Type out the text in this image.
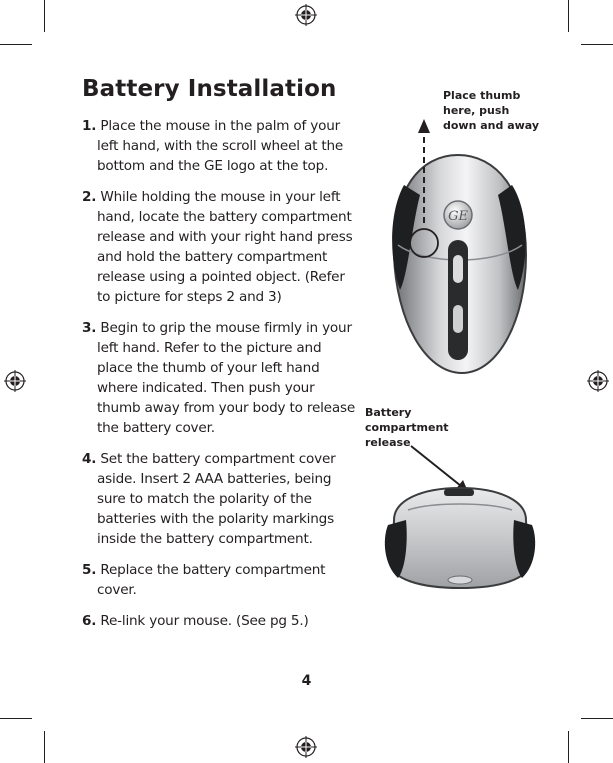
Battery Installation
1. Place the mouse in the palm of your left hand, with the scroll wheel at the bottom and the GE logo at the top.
2. While holding the mouse in your left hand, locate the battery compartment release and with your right hand press and hold the battery compartment release using a pointed object. (Refer to picture for steps 2 and 3)
3. Begin to grip the mouse firmly in your left hand. Refer to the picture and place the thumb of your left hand where indicated. Then push your thumb away from your body to release the battery cover.
4. Set the battery compartment cover aside. Insert 2 AAA batteries, being sure to match the polarity of the batteries with the polarity markings inside the battery compartment.
5. Replace the battery compartment cover.
6. Re-link your mouse. (See pg 5.)
Place thumb here, push down and away
GE
Battery compartment release
4
